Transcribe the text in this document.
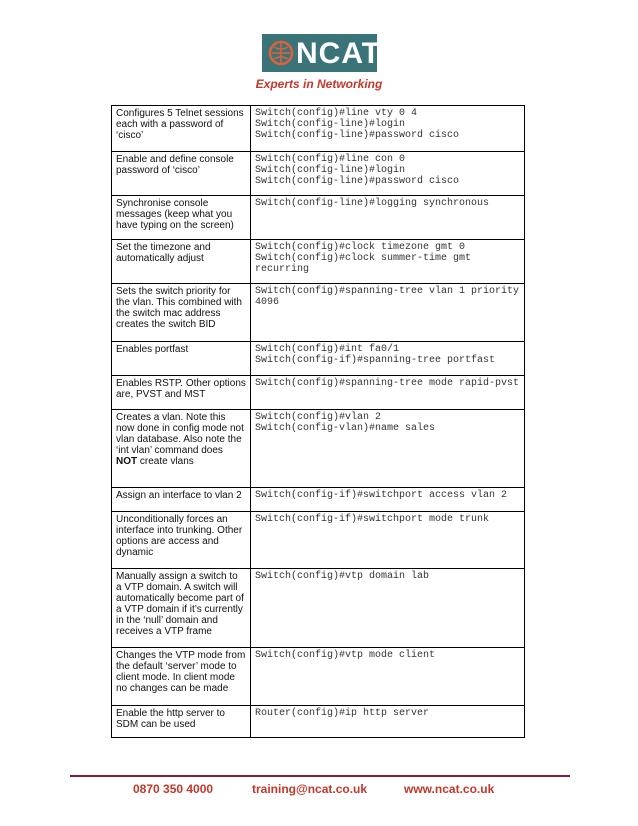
NCAT
Experts in Networking
Configures 5 Telnet sessions each with a password of ‘cisco’	Switch(config)#line vty 0 4
Switch(config-line)#login
Switch(config-line)#password cisco
Enable and define console password of ‘cisco’	Switch(config)#line con 0
Switch(config-line)#login
Switch(config-line)#password cisco
Synchronise console messages (keep what you have typing on the screen)	Switch(config-line)#logging synchronous
Set the timezone and automatically adjust	Switch(config)#clock timezone gmt 0
Switch(config)#clock summer-time gmt recurring
Sets the switch priority for the vlan. This combined with the switch mac address creates the switch BID	Switch(config)#spanning-tree vlan 1 priority 4096
Enables portfast	Switch(config)#int fa0/1
Switch(config-if)#spanning-tree portfast
Enables RSTP. Other options are, PVST and MST	Switch(config)#spanning-tree mode rapid-pvst
Creates a vlan. Note this now done in config mode not vlan database. Also note the ‘int vlan’ command does NOT create vlans	Switch(config)#vlan 2
Switch(config-vlan)#name sales
Assign an interface to vlan 2	Switch(config-if)#switchport access vlan 2
Unconditionally forces an interface into trunking. Other options are access and dynamic	Switch(config-if)#switchport mode trunk
Manually assign a switch to a VTP domain. A switch will automatically become part of a VTP domain if it’s currently in the ‘null’ domain and receives a VTP frame	Switch(config)#vtp domain lab
Changes the VTP mode from the default ‘server’ mode to client mode. In client mode no changes can be made	Switch(config)#vtp mode client
Enable the http server to SDM can be used	Router(config)#ip http server
0870 350 4000	training@ncat.co.uk	www.ncat.co.uk
